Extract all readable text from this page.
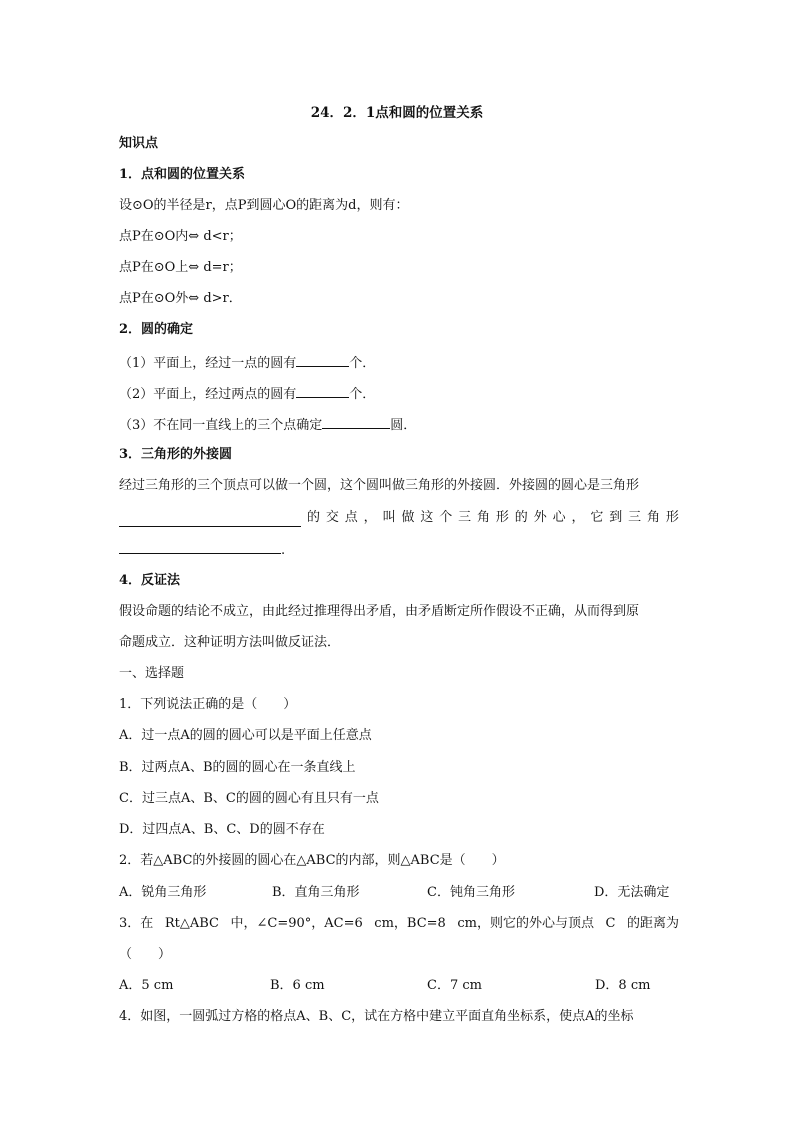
24．2．1点和圆的位置关系
知识点
1．点和圆的位置关系
设⊙O的半径是r，点P到圆心O的距离为d，则有：
点P在⊙O内⇔ d<r；
点P在⊙O上⇔ d=r；
点P在⊙O外⇔ d>r．
2．圆的确定
（1）平面上，经过一点的圆有	个．
（2）平面上，经过两点的圆有	个．
（3）不在同一直线上的三个点确定	圆．
3．三角形的外接圆
经过三角形的三个顶点可以做一个圆，这个圆叫做三角形的外接圆．外接圆的圆心是三角形
的 交 点 ， 叫 做 这 个 三 角 形 的 外 心 ， 它 到 三 角 形
.
4．反证法
假设命题的结论不成立，由此经过推理得出矛盾，由矛盾断定所作假设不正确，从而得到原
命题成立．这种证明方法叫做反证法．
一、选择题
1．下列说法正确的是（　　）
A．过一点A的圆的圆心可以是平面上任意点
B．过两点A、B的圆的圆心在一条直线上
C．过三点A、B、C的圆的圆心有且只有一点
D．过四点A、B、C、D的圆不存在
2．若△ABC的外接圆的圆心在△ABC的内部，则△ABC是（　　）
A．锐角三角形	B．直角三角形	C．钝角三角形	D．无法确定
3．在 Rt△ABC 中，∠C=90°，AC=6 cm，BC=8 cm，则它的外心与顶点 C 的距离为
（　　）
A．5 cm	B．6 cm	C．7 cm	D．8 cm
4．如图，一圆弧过方格的格点A、B、C，试在方格中建立平面直角坐标系，使点A的坐标
